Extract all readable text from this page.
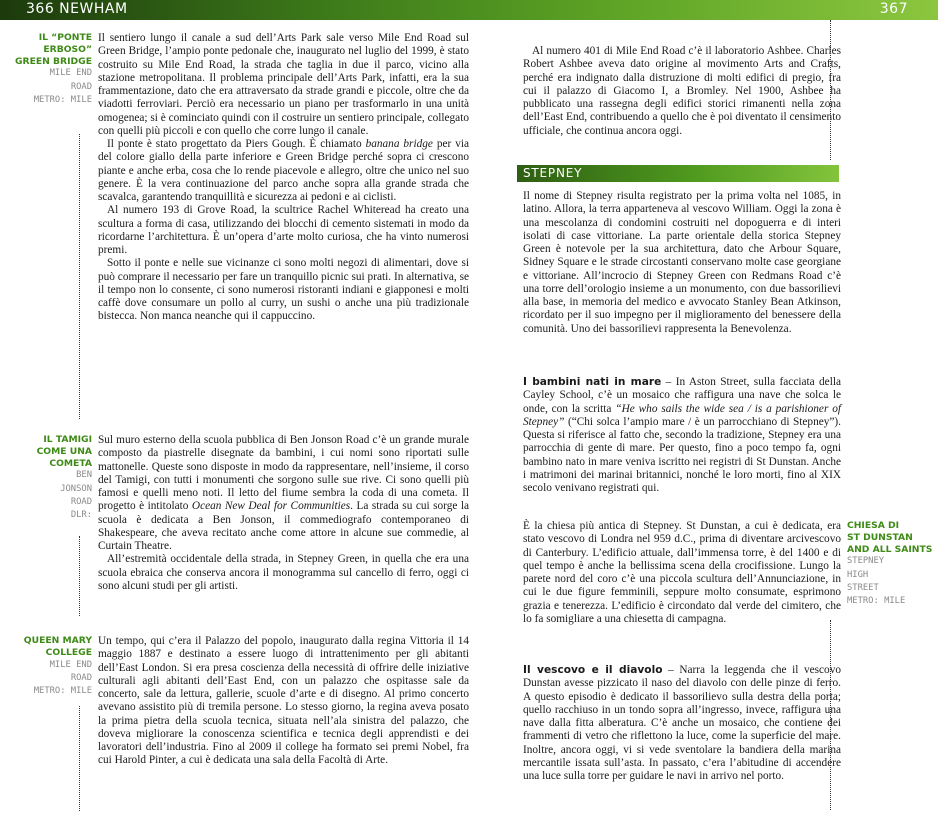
366 NEWHAM	367
IL “PONTE
ERBOSO”
GREEN BRIDGE
MILE END
ROAD
METRO: MILE

Il sentiero lungo il canale a sud dell’Arts Park sale verso Mile End Road sul Green Bridge, l’ampio ponte pedonale che, inaugurato nel luglio del 1999, è stato costruito su Mile End Road, la strada che taglia in due il parco, vicino alla stazione metropolitana. Il problema principale dell’Arts Park, infatti, era la sua frammentazione, dato che era attraversato da strade grandi e piccole, oltre che da viadotti ferroviari. Perciò era necessario un piano per trasformarlo in una unità omogenea; si è cominciato quindi con il costruire un sentiero principale, collegato con quelli più piccoli e con quello che corre lungo il canale.

Il ponte è stato progettato da Piers Gough. È chiamato banana bridge per via del colore giallo della parte inferiore e Green Bridge perché sopra ci crescono piante e anche erba, cosa che lo rende piacevole e allegro, oltre che unico nel suo genere. È la vera continuazione del parco anche sopra alla grande strada che scavalca, garantendo tranquillità e sicurezza ai pedoni e ai ciclisti.

Al numero 193 di Grove Road, la scultrice Rachel Whiteread ha creato una scultura a forma di casa, utilizzando dei blocchi di cemento sistemati in modo da ricordarne l’architettura. È un’opera d’arte molto curiosa, che ha vinto numerosi premi.

Sotto il ponte e nelle sue vicinanze ci sono molti negozi di alimentari, dove si può comprare il necessario per fare un tranquillo picnic sui prati. In alternativa, se il tempo non lo consente, ci sono numerosi ristoranti indiani e giapponesi e molti caffè dove consumare un pollo al curry, un sushi o anche una più tradizionale bistecca. Non manca neanche qui il cappuccino.

IL TAMIGI
COME UNA
COMETA
BEN
JONSON
ROAD
DLR:

Sul muro esterno della scuola pubblica di Ben Jonson Road c’è un grande murale composto da piastrelle disegnate da bambini, i cui nomi sono riportati sulle mattonelle. Queste sono disposte in modo da rappresentare, nell’insieme, il corso del Tamigi, con tutti i monumenti che sorgono sulle sue rive. Ci sono quelli più famosi e quelli meno noti. Il letto del fiume sembra la coda di una cometa. Il progetto è intitolato Ocean New Deal for Communities. La strada su cui sorge la scuola è dedicata a Ben Jonson, il commediografo contemporaneo di Shakespeare, che aveva recitato anche come attore in alcune sue commedie, al Curtain Theatre.

All’estremità occidentale della strada, in Stepney Green, in quella che era una scuola ebraica che conserva ancora il monogramma sul cancello di ferro, oggi ci sono alcuni studi per gli artisti.

QUEEN MARY
COLLEGE
MILE END
ROAD
METRO: MILE

Un tempo, qui c’era il Palazzo del popolo, inaugurato dalla regina Vittoria il 14 maggio 1887 e destinato a essere luogo di intrattenimento per gli abitanti dell’East London. Si era presa coscienza della necessità di offrire delle iniziative culturali agli abitanti dell’East End, con un palazzo che ospitasse sale da concerto, sale da lettura, gallerie, scuole d’arte e di disegno. Al primo concerto avevano assistito più di tremila persone. Lo stesso giorno, la regina aveva posato la prima pietra della scuola tecnica, situata nell’ala sinistra del palazzo, che doveva migliorare la conoscenza scientifica e tecnica degli apprendisti e dei lavoratori dell’industria. Fino al 2009 il college ha formato sei premi Nobel, fra cui Harold Pinter, a cui è dedicata una sala della Facoltà di Arte.

Al numero 401 di Mile End Road c’è il laboratorio Ashbee. Charles Robert Ashbee aveva dato origine al movimento Arts and Crafts, perché era indignato dalla distruzione di molti edifici di pregio, fra cui il palazzo di Giacomo I, a Bromley. Nel 1900, Ashbee ha pubblicato una rassegna degli edifici storici rimanenti nella zona dell’East End, contribuendo a quello che è poi diventato il censimento ufficiale, che continua ancora oggi.

STEPNEY

Il nome di Stepney risulta registrato per la prima volta nel 1085, in latino. Allora, la terra apparteneva al vescovo William. Oggi la zona è una mescolanza di condomini costruiti nel dopoguerra e di interi isolati di case vittoriane. La parte orientale della storica Stepney Green è notevole per la sua architettura, dato che Arbour Square, Sidney Square e le strade circostanti conservano molte case georgiane e vittoriane. All’incrocio di Stepney Green con Redmans Road c’è una torre dell’orologio insieme a un monumento, con due bassorilievi alla base, in memoria del medico e avvocato Stanley Bean Atkinson, ricordato per il suo impegno per il miglioramento del benessere della comunità. Uno dei bassorilievi rappresenta la Benevolenza.

I bambini nati in mare – In Aston Street, sulla facciata della Cayley School, c’è un mosaico che raffigura una nave che solca le onde, con la scritta “He who sails the wide sea / is a parishioner of Stepney” (“Chi solca l’ampio mare / è un parrocchiano di Stepney”). Questa si riferisce al fatto che, secondo la tradizione, Stepney era una parrocchia di gente di mare. Per questo, fino a poco tempo fa, ogni bambino nato in mare veniva iscritto nei registri di St Dunstan. Anche i matrimoni dei marinai britannici, nonché le loro morti, fino al XIX secolo venivano registrati qui.

È la chiesa più antica di Stepney. St Dunstan, a cui è dedicata, era stato vescovo di Londra nel 959 d.C., prima di diventare arcivescovo di Canterbury. L’edificio attuale, dall’immensa torre, è del 1400 e di quel tempo è anche la bellissima scena della crocifissione. Lungo la parete nord del coro c’è una piccola scultura dell’Annunciazione, in cui le due figure femminili, seppure molto consumate, esprimono grazia e tenerezza. L’edificio è circondato dal verde del cimitero, che lo fa somigliare a una chiesetta di campagna.

CHIESA DI
ST DUNSTAN
AND ALL SAINTS
STEPNEY
HIGH
STREET
METRO: MILE

Il vescovo e il diavolo – Narra la leggenda che il vescovo Dunstan avesse pizzicato il naso del diavolo con delle pinze di ferro. A questo episodio è dedicato il bassorilievo sulla destra della porta; quello racchiuso in un tondo sopra all’ingresso, invece, raffigura una nave dalla fitta alberatura. C’è anche un mosaico, che contiene dei frammenti di vetro che riflettono la luce, come la superficie del mare. Inoltre, ancora oggi, vi si vede sventolare la bandiera della marina mercantile issata sull’asta. In passato, c’era l’abitudine di accendere una luce sulla torre per guidare le navi in arrivo nel porto.
